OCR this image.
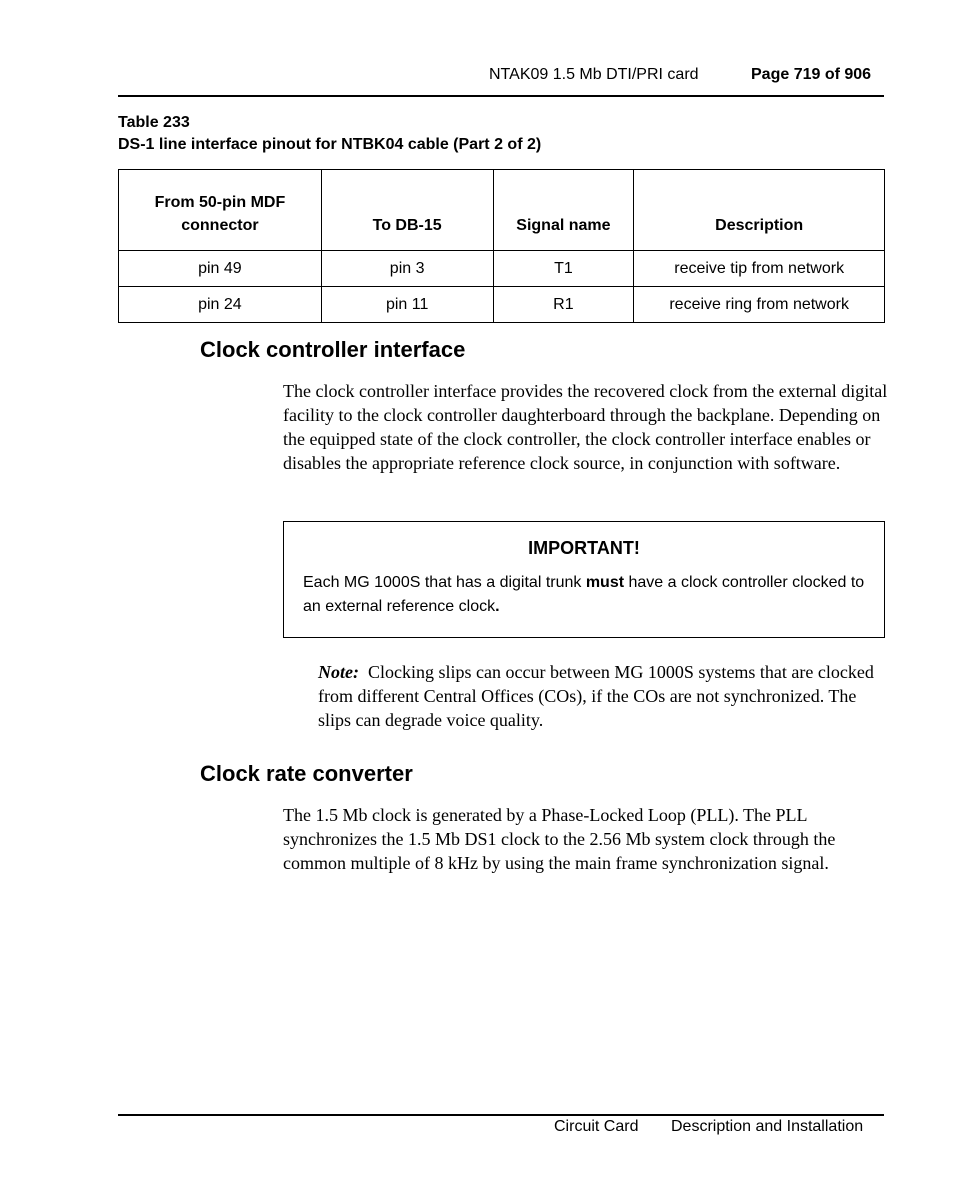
NTAK09 1.5 Mb DTI/PRI card	Page 719 of 906
Table 233
DS-1 line interface pinout for NTBK04 cable (Part 2 of 2)
From 50-pin MDF connector	To DB-15	Signal name	Description
pin 49	pin 3	T1	receive tip from network
pin 24	pin 11	R1	receive ring from network
Clock controller interface

The clock controller interface provides the recovered clock from the external digital facility to the clock controller daughterboard through the backplane. Depending on the equipped state of the clock controller, the clock controller interface enables or disables the appropriate reference clock source, in conjunction with software.

IMPORTANT!
Each MG 1000S that has a digital trunk must have a clock controller clocked to an external reference clock.

Note: Clocking slips can occur between MG 1000S systems that are clocked from different Central Offices (COs), if the COs are not synchronized. The slips can degrade voice quality.

Clock rate converter

The 1.5 Mb clock is generated by a Phase-Locked Loop (PLL). The PLL synchronizes the 1.5 Mb DS1 clock to the 2.56 Mb system clock through the common multiple of 8 kHz by using the main frame synchronization signal.

Circuit Card Description and Installation
